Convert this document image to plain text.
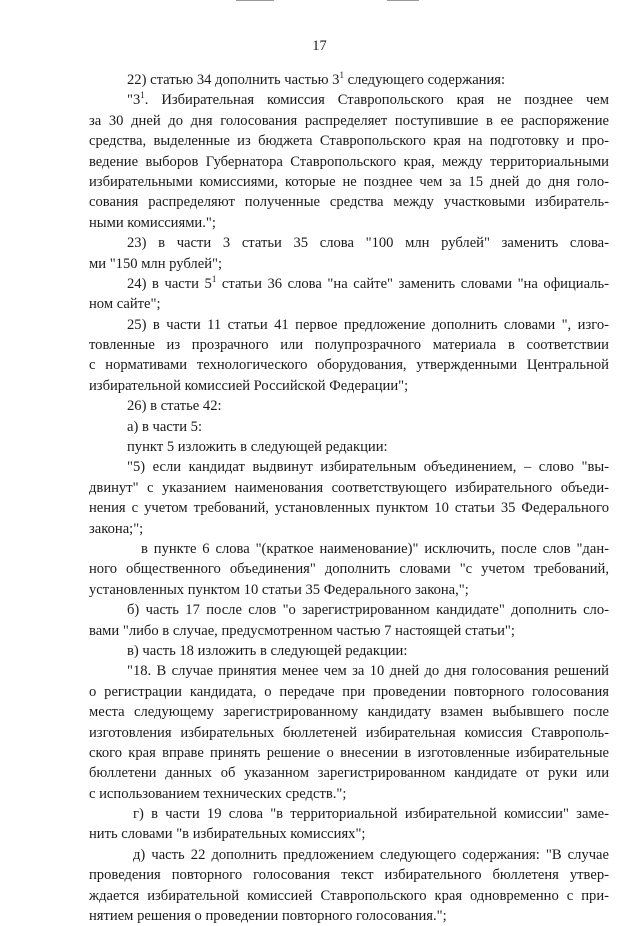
17
22) статью 34 дополнить частью $3^1$ следующего содержания:
"$3^1$. Избирательная комиссия Ставропольского края не позднее чем
за 30 дней до дня голосования распределяет поступившие в ее распоряжение
средства, выделенные из бюджета Ставропольского края на подготовку и про-
ведение выборов Губернатора Ставропольского края, между территориальными
избирательными комиссиями, которые не позднее чем за 15 дней до дня голо-
сования распределяют полученные средства между участковыми избиратель-
ными комиссиями.";
23) в части 3 статьи 35 слова "100 млн рублей" заменить слова-
ми "150 млн рублей";
24) в части $5^1$ статьи 36 слова "на сайте" заменить словами "на официаль-
ном сайте";
25) в части 11 статьи 41 первое предложение дополнить словами ", изго-
товленные из прозрачного или полупрозрачного материала в соответствии
с нормативами технологического оборудования, утвержденными Центральной
избирательной комиссией Российской Федерации";
26) в статье 42:
а) в части 5:
пункт 5 изложить в следующей редакции:
"5) если кандидат выдвинут избирательным объединением, – слово "вы-
двинут" с указанием наименования соответствующего избирательного объеди-
нения с учетом требований, установленных пунктом 10 статьи 35 Федерального
закона;";
в пункте 6 слова "(краткое наименование)" исключить, после слов "дан-
ного общественного объединения" дополнить словами "с учетом требований,
установленных пунктом 10 статьи 35 Федерального закона,";
б) часть 17 после слов "о зарегистрированном кандидате" дополнить сло-
вами "либо в случае, предусмотренном частью 7 настоящей статьи";
в) часть 18 изложить в следующей редакции:
"18. В случае принятия менее чем за 10 дней до дня голосования решений
о регистрации кандидата, о передаче при проведении повторного голосования
места следующему зарегистрированному кандидату взамен выбывшего после
изготовления избирательных бюллетеней избирательная комиссия Ставрополь-
ского края вправе принять решение о внесении в изготовленные избирательные
бюллетени данных об указанном зарегистрированном кандидате от руки или
с использованием технических средств.";
г) в части 19 слова "в территориальной избирательной комиссии" заме-
нить словами "в избирательных комиссиях";
д) часть 22 дополнить предложением следующего содержания: "В случае
проведения повторного голосования текст избирательного бюллетеня утвер-
ждается избирательной комиссией Ставропольского края одновременно с при-
нятием решения о проведении повторного голосования.";
